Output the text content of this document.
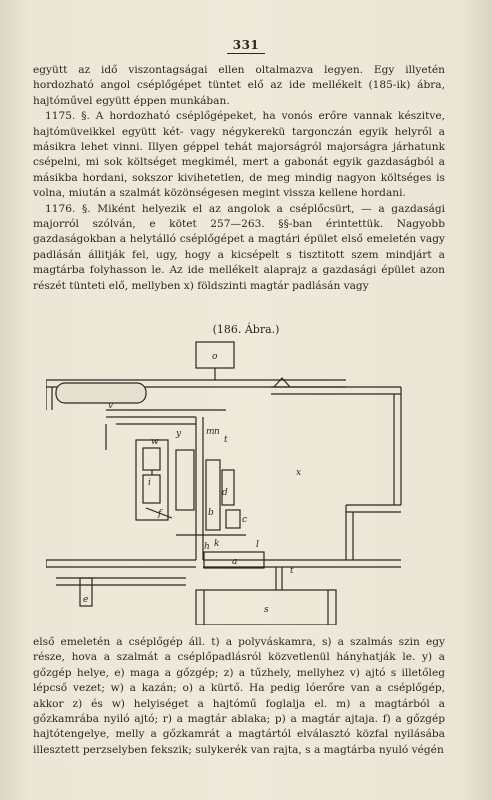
331

együtt az idő viszontagságai ellen oltalmazva legyen. Egy illyetén hordozható angol cséplőgépet tüntet elő az ide mellékelt (185-ik) ábra, hajtóművel együtt éppen munkában.

1175. §. A hordozható cséplőgépeket, ha vonós erőre vannak készitve, hajtómüveikkel együtt két- vagy négykerekü targonczán egyik helyről a másikra lehet vinni. Illyen géppel tehát majorságról majorságra járhatunk csépelni, mi sok költséget megkimél, mert a gabonát egyik gazdaságból a másikba hordani, sokszor kivihetetlen, de meg mindig nagyon költséges is volna, miután a szalmát közönségesen megint vissza kellene hordani.

1176. §. Miként helyezik el az angolok a cséplőcsürt, — a gazdasági majorról szólván, e kötet 257—263. §§-ban érintettük. Nagyobb gazdaságokban a helytálló cséplőgépet a magtári épület első emeletén vagy padlásán állitják fel, ugy, hogy a kicsépelt s tisztitott szem mindjárt a magtárba folyhasson le. Az ide mellékelt alaprajz a gazdasági épület azon részét tünteti elő, mellyben x) földszinti magtár padlásán vagy

(186. Ábra.)
o
v
y	m n
w
x
t
i
d
f	b
c
l
k
h
a
t
e
s

első emeletén a cséplőgép áll. t) a polyváskamra, s) a szalmás szin egy része, hova a szalmát a cséplőpadlásról közvetlenül hányhatják le. y) a gőzgép helye, e) maga a gőzgép; z) a tűzhely, mellyhez v) ajtó s illetőleg lépcső vezet; w) a kazán; o) a kürtő. Ha pedig lóerőre van a cséplőgép, akkor z) és w) helyiséget a hajtómű foglalja el. m) a magtárból a gőzkamrába nyiló ajtó; r) a magtár ablaka; p) a magtár ajtaja. f) a gőzgép hajtótengelye, melly a gőzkamrát a magtártól elválasztó közfal nyilásába illesztett perzselyben fekszik; sulykerék van rajta, s a magtárba nyuló végén
